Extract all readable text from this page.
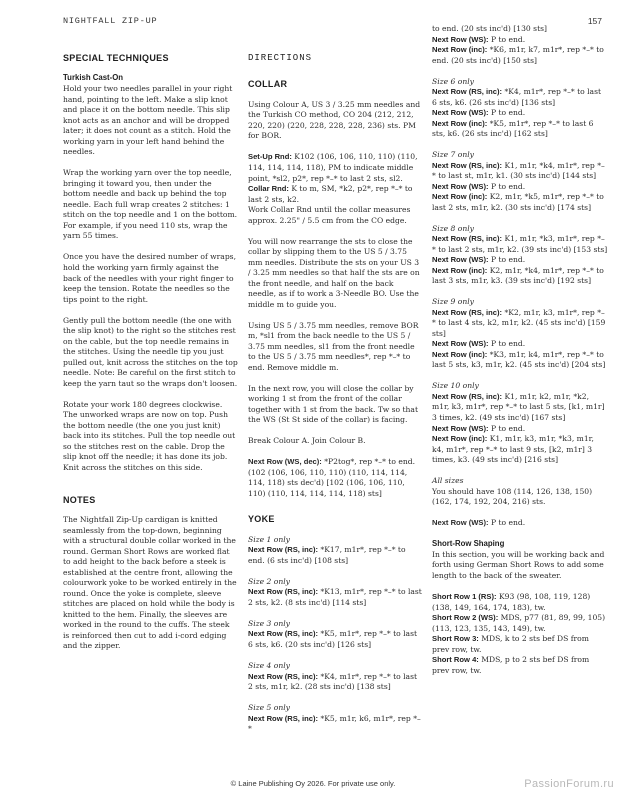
NIGHTFALL ZIP-UP	157
SPECIAL TECHNIQUES
Turkish Cast-On

Hold your two needles parallel in your right hand, pointing to the left. Make a slip knot and place it on the bottom needle. This slip knot acts as an anchor and will be dropped later; it does not count as a stitch. Hold the working yarn in your left hand behind the needles.

Wrap the working yarn over the top needle, bringing it toward you, then under the bottom needle and back up behind the top needle. Each full wrap creates 2 stitches: 1 stitch on the top needle and 1 on the bottom. For example, if you need 110 sts, wrap the yarn 55 times.

Once you have the desired number of wraps, hold the working yarn firmly against the back of the needles with your right finger to keep the tension. Rotate the needles so the tips point to the right.

Gently pull the bottom needle (the one with the slip knot) to the right so the stitches rest on the cable, but the top needle remains in the stitches. Using the needle tip you just pulled out, knit across the stitches on the top needle. Note: Be careful on the first stitch to keep the yarn taut so the wraps don't loosen.

Rotate your work 180 degrees clockwise. The unworked wraps are now on top. Push the bottom needle (the one you just knit) back into its stitches. Pull the top needle out so the stitches rest on the cable. Drop the slip knot off the needle; it has done its job. Knit across the stitches on this side.

NOTES

The Nightfall Zip-Up cardigan is knitted seamlessly from the top-down, beginning with a structural double collar worked in the round. German Short Rows are worked flat to add height to the back before a steek is established at the centre front, allowing the colourwork yoke to be worked entirely in the round. Once the yoke is complete, sleeve stitches are placed on hold while the body is knitted to the hem. Finally, the sleeves are worked in the round to the cuffs. The steek is reinforced then cut to add i-cord edging and the zipper.

DIRECTIONS
COLLAR

Using Colour A, US 3 / 3.25 mm needles and the Turkish CO method, CO 204 (212, 212, 220, 220) (220, 228, 228, 228, 236) sts. PM for BOR.

Set-Up Rnd: K102 (106, 106, 110, 110) (110, 114, 114, 114, 118), PM to indicate middle point, *sl2, p2*, rep *–* to last 2 sts, sl2.
Collar Rnd: K to m, SM, *k2, p2*, rep *–* to last 2 sts, k2.
Work Collar Rnd until the collar measures approx. 2.25" / 5.5 cm from the CO edge.

You will now rearrange the sts to close the collar by slipping them to the US 5 / 3.75 mm needles. Distribute the sts on your US 3 / 3.25 mm needles so that half the sts are on the front needle, and half on the back needle, as if to work a 3-Needle BO. Use the middle m to guide you.

Using US 5 / 3.75 mm needles, remove BOR m, *sl1 from the back needle to the US 5 / 3.75 mm needles, sl1 from the front needle to the US 5 / 3.75 mm needles*, rep *–* to end. Remove middle m.

In the next row, you will close the collar by working 1 st from the front of the collar together with 1 st from the back. Tw so that the WS (St St side of the collar) is facing.

Break Colour A. Join Colour B.

Next Row (WS, dec): *P2tog*, rep *–* to end. (102 (106, 106, 110, 110) (110, 114, 114, 114, 118) sts dec'd) [102 (106, 106, 110, 110) (110, 114, 114, 114, 118) sts]

YOKE
Size 1 only
Next Row (RS, inc): *K17, m1r*, rep *–* to end. (6 sts inc'd) [108 sts]
Size 2 only
Next Row (RS, inc): *K13, m1r*, rep *–* to last 2 sts, k2. (8 sts inc'd) [114 sts]
Size 3 only
Next Row (RS, inc): *K5, m1r*, rep *–* to last 6 sts, k6. (20 sts inc'd) [126 sts]
Size 4 only
Next Row (RS, inc): *K4, m1r*, rep *–* to last 2 sts, m1r, k2. (28 sts inc'd) [138 sts]
Size 5 only
Next Row (RS, inc): *K5, m1r, k6, m1r*, rep *–*
to end. (20 sts inc'd) [130 sts]
Next Row (WS): P to end.
Next Row (inc): *K6, m1r, k7, m1r*, rep *–* to end. (20 sts inc'd) [150 sts]
Size 6 only
Next Row (RS, inc): *K4, m1r*, rep *–* to last 6 sts, k6. (26 sts inc'd) [136 sts]
Next Row (WS): P to end.
Next Row (inc): *K5, m1r*, rep *–* to last 6 sts, k6. (26 sts inc'd) [162 sts]
Size 7 only
Next Row (RS, inc): K1, m1r, *k4, m1r*, rep *–* to last st, m1r, k1. (30 sts inc'd) [144 sts]
Next Row (WS): P to end.
Next Row (inc): K2, m1r, *k5, m1r*, rep *–* to last 2 sts, m1r, k2. (30 sts inc'd) [174 sts]
Size 8 only
Next Row (RS, inc): K1, m1r, *k3, m1r*, rep *–* to last 2 sts, m1r, k2. (39 sts inc'd) [153 sts]
Next Row (WS): P to end.
Next Row (inc): K2, m1r, *k4, m1r*, rep *–* to last 3 sts, m1r, k3. (39 sts inc'd) [192 sts]
Size 9 only
Next Row (RS, inc): *K2, m1r, k3, m1r*, rep *–* to last 4 sts, k2, m1r, k2. (45 sts inc'd) [159 sts]
Next Row (WS): P to end.
Next Row (inc): *K3, m1r, k4, m1r*, rep *–* to last 5 sts, k3, m1r, k2. (45 sts inc'd) [204 sts]
Size 10 only
Next Row (RS, inc): K1, m1r, k2, m1r, *k2, m1r, k3, m1r*, rep *–* to last 5 sts, [k1, m1r] 3 times, k2. (49 sts inc'd) [167 sts]
Next Row (WS): P to end.
Next Row (inc): K1, m1r, k3, m1r, *k3, m1r, k4, m1r*, rep *–* to last 9 sts, [k2, m1r] 3 times, k3. (49 sts inc'd) [216 sts]
All sizes
You should have 108 (114, 126, 138, 150) (162, 174, 192, 204, 216) sts.

Next Row (WS): P to end.

Short-Row Shaping

In this section, you will be working back and forth using German Short Rows to add some length to the back of the sweater.

Short Row 1 (RS): K93 (98, 108, 119, 128) (138, 149, 164, 174, 183), tw.
Short Row 2 (WS): MDS, p77 (81, 89, 99, 105) (113, 123, 135, 143, 149), tw.
Short Row 3: MDS, k to 2 sts bef DS from prev row, tw.
Short Row 4: MDS, p to 2 sts bef DS from prev row, tw.
© Laine Publishing Oy 2026. For private use only.	PassionForum.ru
